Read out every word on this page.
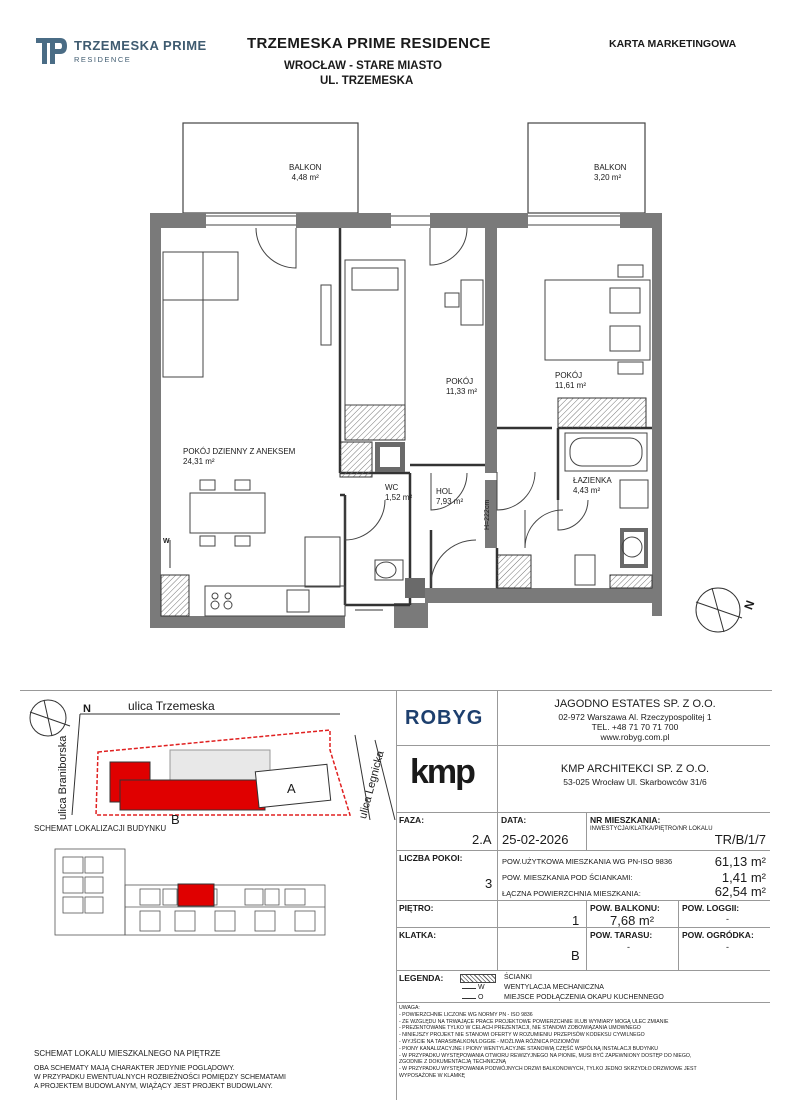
TRZEMESKA PRIME
RESIDENCE
TRZEMESKA PRIME RESIDENCE
WROCŁAW - STARE MIASTO
UL. TRZEMESKA
KARTA MARKETINGOWA
BALKON
4,48 m²
BALKON
3,20 m²
POKÓJ
11,33 m²
POKÓJ
11,61 m²
POKÓJ DZIENNY Z ANEKSEM
24,31 m²
WC
1,52 m²
HOL
7,93 m²
ŁAZIENKA
4,43 m²
H=222cm
N
W
ulica Trzemeska
ulica Braniborska	ulica Legnicka
N
B
A
SCHEMAT LOKALIZACJI BUDYNKU
SCHEMAT LOKALU MIESZKALNEGO NA PIĘTRZE
OBA SCHEMATY MAJĄ CHARAKTER JEDYNIE POGLĄDOWY.
W PRZYPADKU EWENTUALNYCH ROZBIEŻNOŚCI POMIĘDZY SCHEMATAMI
A PROJEKTEM BUDOWLANYM, WIĄŻĄCY JEST PROJEKT BUDOWLANY.
ROBYG
JAGODNO ESTATES SP. Z O.O.
02-972 Warszawa Al. Rzeczypospolitej 1
TEL. +48 71 70 71 700
www.robyg.com.pl
kmp	KMP ARCHITEKCI SP. Z O.O.
53-025 Wrocław Ul. Skarbowców 31/6
FAZA:
2.A
DATA:
25-02-2026
NR MIESZKANIA:
INWESTYCJA/KLATKA/PIĘTRO/NR LOKALU
TR/B/1/7
LICZBA POKOI:
3
POW.UŻYTKOWA MIESZKANIA WG PN-ISO 9836	61,13 m²
POW. MIESZKANIA POD ŚCIANKAMI:	1,41 m²
ŁĄCZNA POWIERZCHNIA MIESZKANIA:	62,54 m²
PIĘTRO:
1
POW. BALKONU:
7,68 m²
POW. LOGGII:
-
KLATKA:
B
POW. TARASU:
-
POW. OGRÓDKA:
-
LEGENDA:	ŚCIANKI
W	WENTYLACJA MECHANICZNA
O	MIEJSCE PODŁĄCZENIA OKAPU KUCHENNEGO
UWAGA:
- POWIERZCHNIE LICZONE WG NORMY PN - ISO 9836
- ZE WZGLĘDU NA TRWAJĄCE PRACE PROJEKTOWE POWIERZCHNIE I/LUB WYMIARY MOGĄ ULEC ZMIANIE
- PREZENTOWANE TYLKO W CELACH PREZENTACJI, NIE STANOWI ZOBOWIĄZANIA UMOWNEGO
- NINIEJSZY PROJEKT NIE STANOWI OFERTY W ROZUMIENIU PRZEPISÓW KODEKSU CYWILNEGO
- WYJŚCIE NA TARAS/BALKON/LOGGIE - MOŻLIWA RÓŻNICA POZIOMÓW
- PIONY KANALIZACYJNE I PIONY WENTYLACYJNE STANOWIĄ CZĘŚĆ WSPÓLNĄ INSTALACJI BUDYNKU
- W PRZYPADKU WYSTĘPOWANIA OTWORU REWIZYJNEGO NA PIONIE, MUSI BYĆ ZAPEWNIONY DOSTĘP DO NIEGO,
ZGODNIE Z DOKUMENTACJĄ TECHNICZNĄ
- W PRZYPADKU WYSTĘPOWANIA PODWÓJNYCH DRZWI BALKONOWYCH, TYLKO JEDNO SKRZYDŁO DRZWIOWE JEST
WYPOSAŻONE W KLAMKĘ
